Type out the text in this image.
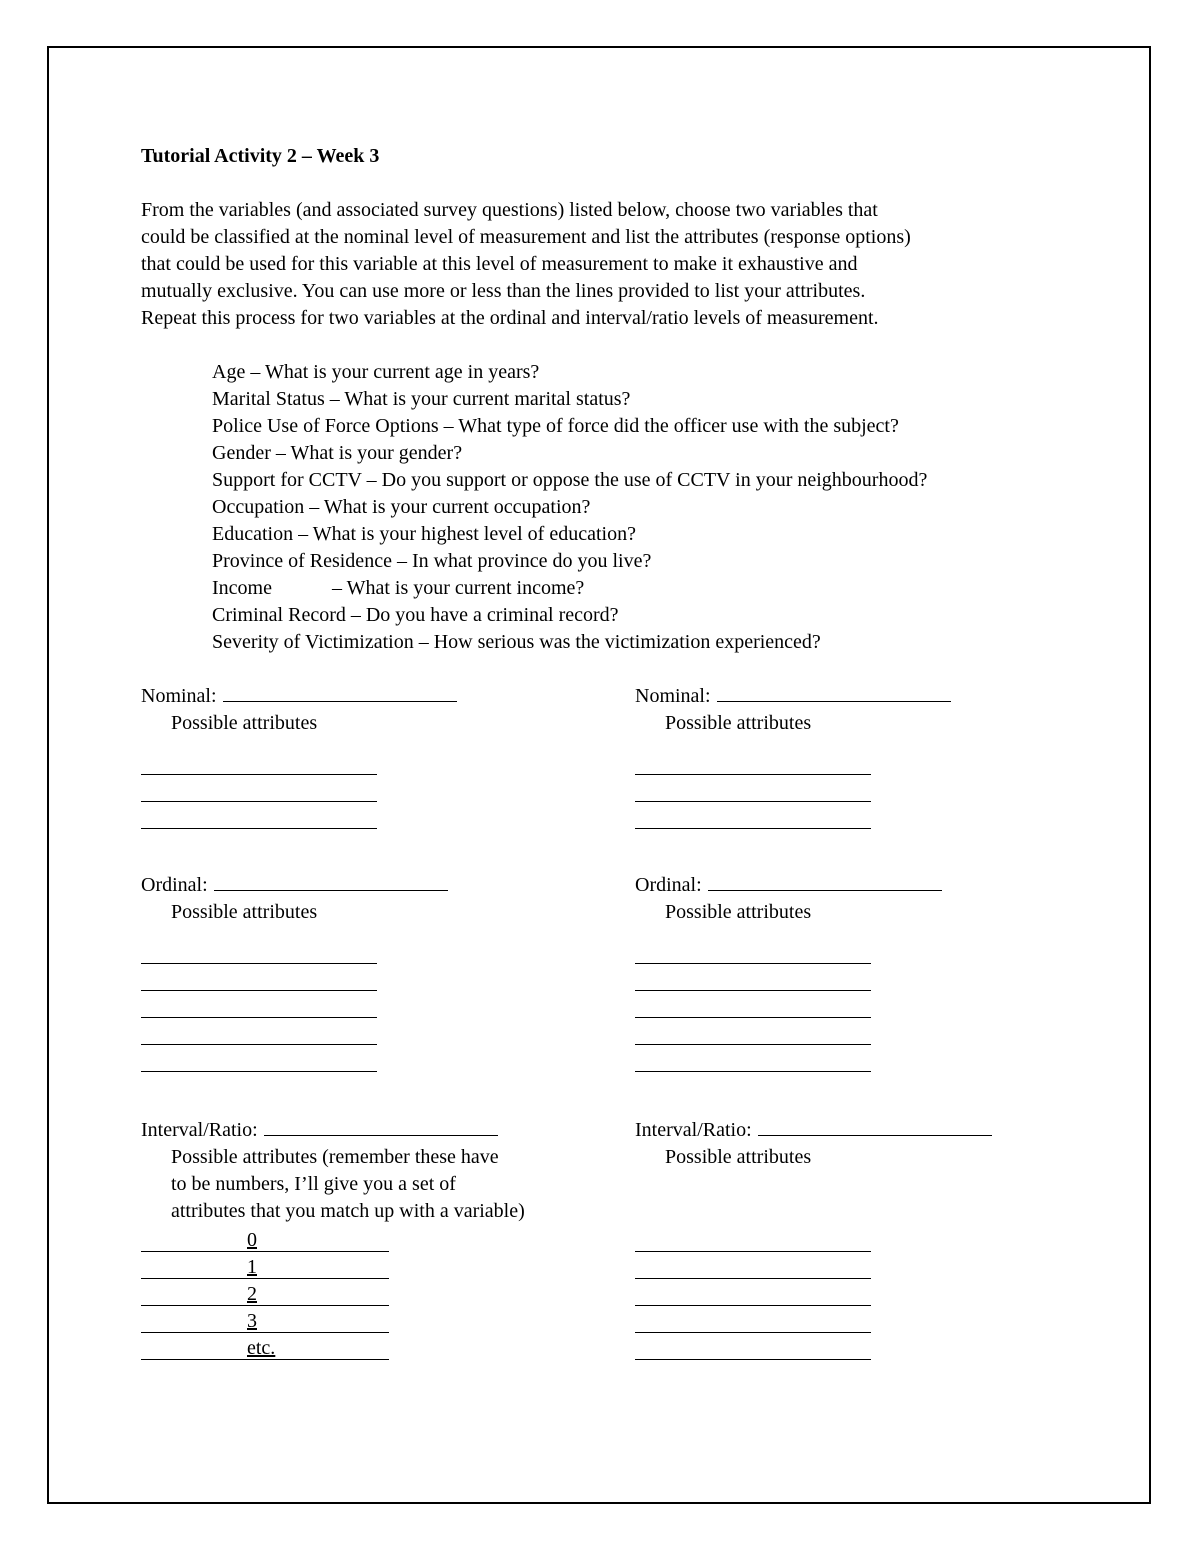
Tutorial Activity 2 – Week 3

From the variables (and associated survey questions) listed below, choose two variables that

could be classified at the nominal level of measurement and list the attributes (response options)

that could be used for this variable at this level of measurement to make it exhaustive and

mutually exclusive. You can use more or less than the lines provided to list your attributes.

Repeat this process for two variables at the ordinal and interval/ratio levels of measurement.

Age – What is your current age in years?
Marital Status – What is your current marital status?
Police Use of Force Options – What type of force did the officer use with the subject?
Gender – What is your gender?
Support for CCTV – Do you support or oppose the use of CCTV in your neighbourhood?
Occupation – What is your current occupation?
Education – What is your highest level of education?
Province of Residence – In what province do you live?
Income            – What is your current income?
Criminal Record – Do you have a criminal record?
Severity of Victimization – How serious was the victimization experienced?
Nominal:
Possible attributes
Nominal:
Possible attributes
Ordinal:
Possible attributes
Ordinal:
Possible attributes
Interval/Ratio:
Possible attributes (remember these have
to be numbers, I’ll give you a set of
attributes that you match up with a variable)
0
1
2
3
etc.
Interval/Ratio:
Possible attributes
